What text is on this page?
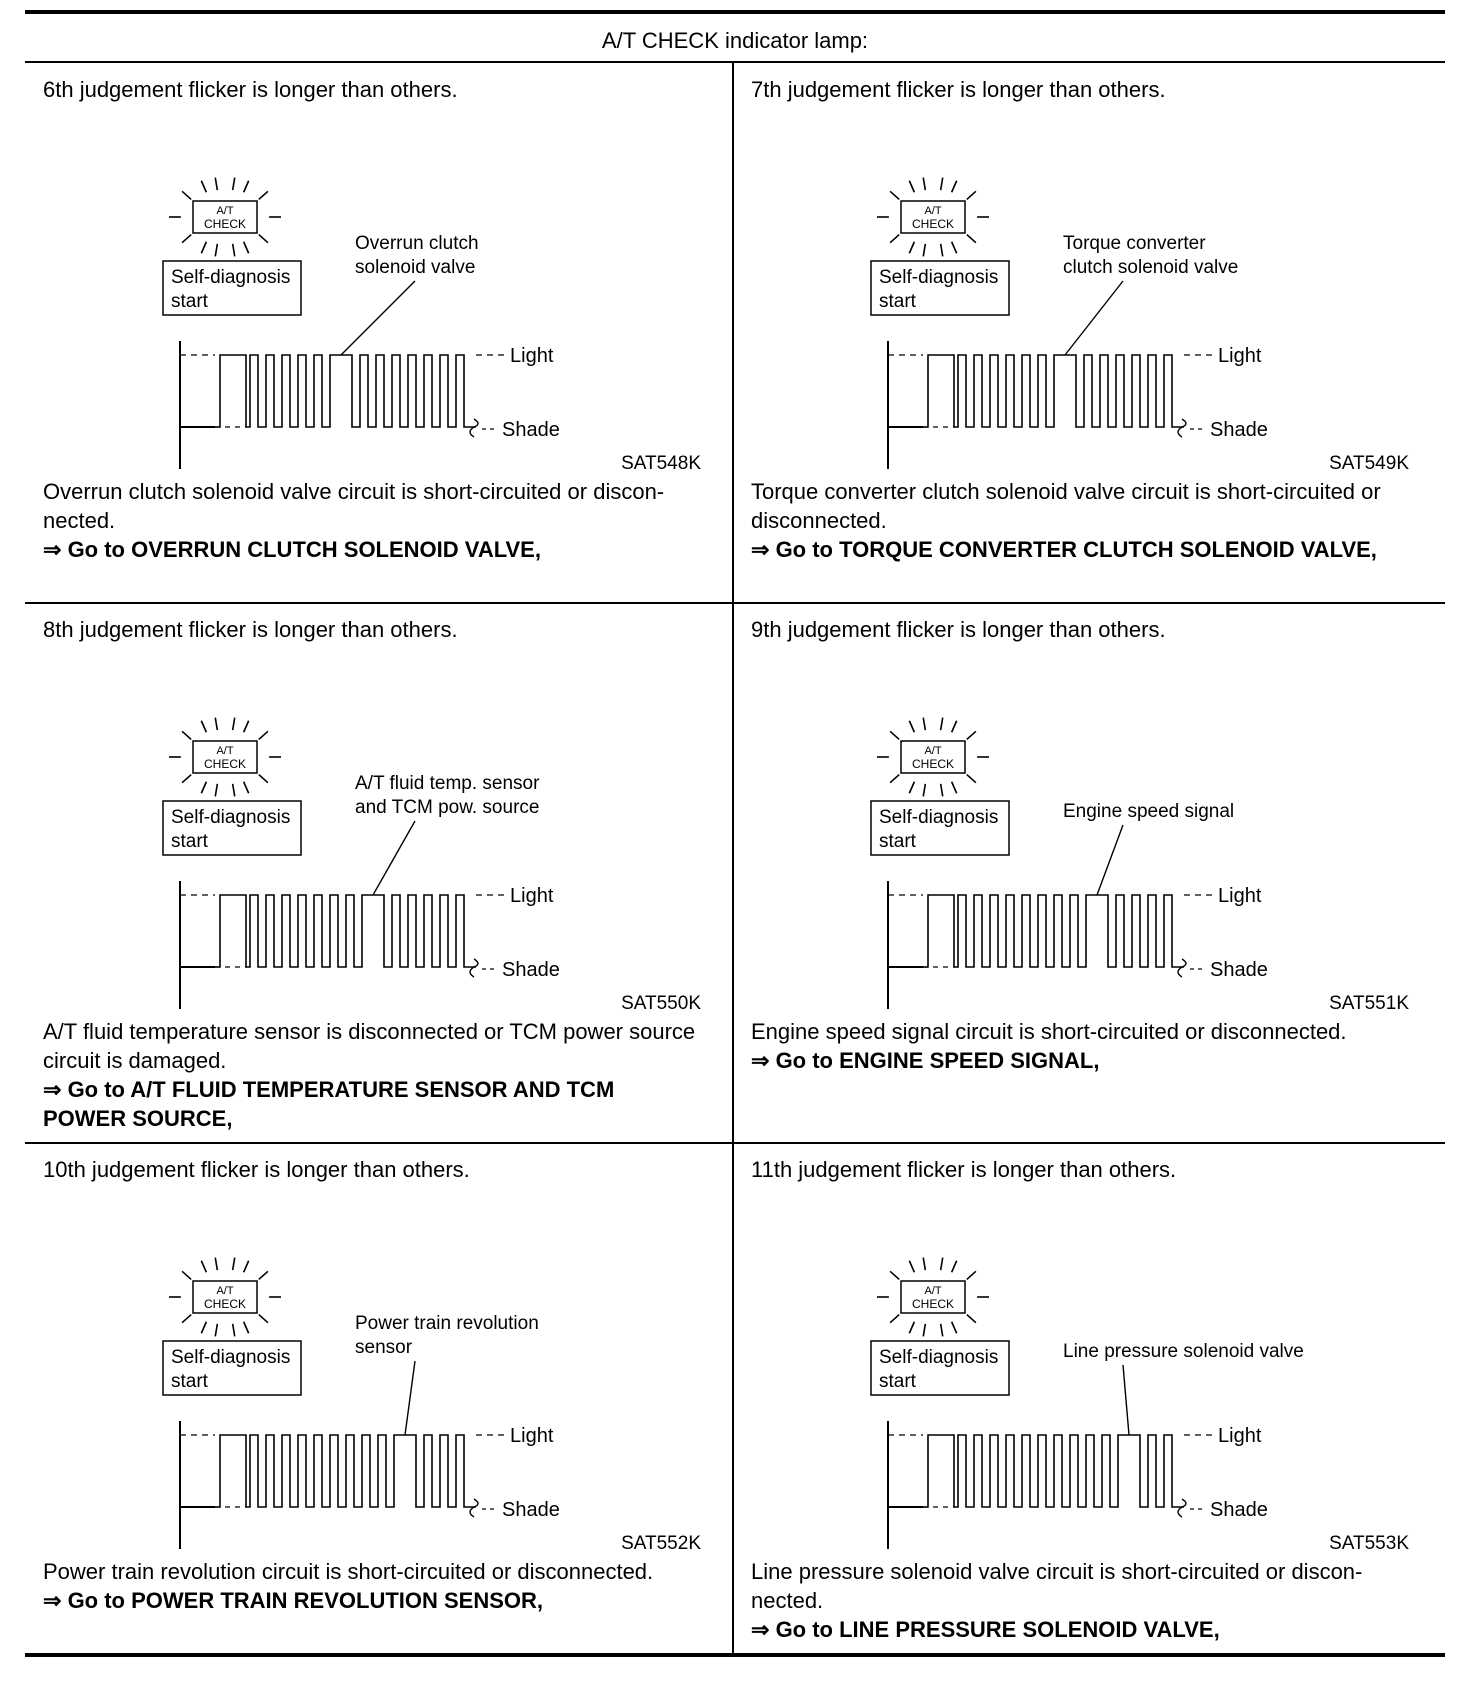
A/T CHECK indicator lamp:
6th judgement flicker is longer than others.
A/T
CHECK
Self-diagnosis
start
Light
Shade
Overrun clutch
solenoid valve
SAT548K
Overrun clutch solenoid valve circuit is short-circuited or discon-nected.
⇒ Go to OVERRUN CLUTCH SOLENOID VALVE,
7th judgement flicker is longer than others.
A/T
CHECK
Self-diagnosis
start
Light
Shade
Torque converter
clutch solenoid valve
SAT549K
Torque converter clutch solenoid valve circuit is short-circuited or disconnected.
⇒ Go to TORQUE CONVERTER CLUTCH SOLENOID VALVE,
8th judgement flicker is longer than others.
A/T
CHECK
Self-diagnosis
start
Light
Shade
A/T fluid temp. sensor
and TCM pow. source
SAT550K
A/T fluid temperature sensor is disconnected or TCM power source circuit is damaged.
⇒ Go to A/T FLUID TEMPERATURE SENSOR AND TCM POWER SOURCE,
9th judgement flicker is longer than others.
A/T
CHECK
Self-diagnosis
start
Light
Shade
Engine speed signal
SAT551K
Engine speed signal circuit is short-circuited or disconnected.
⇒ Go to ENGINE SPEED SIGNAL,
10th judgement flicker is longer than others.
A/T
CHECK
Self-diagnosis
start
Light
Shade
Power train revolution
sensor
SAT552K
Power train revolution circuit is short-circuited or disconnected.
⇒ Go to POWER TRAIN REVOLUTION SENSOR,
11th judgement flicker is longer than others.
A/T
CHECK
Self-diagnosis
start
Light
Shade
Line pressure solenoid valve
SAT553K
Line pressure solenoid valve circuit is short-circuited or discon-nected.
⇒ Go to LINE PRESSURE SOLENOID VALVE,
